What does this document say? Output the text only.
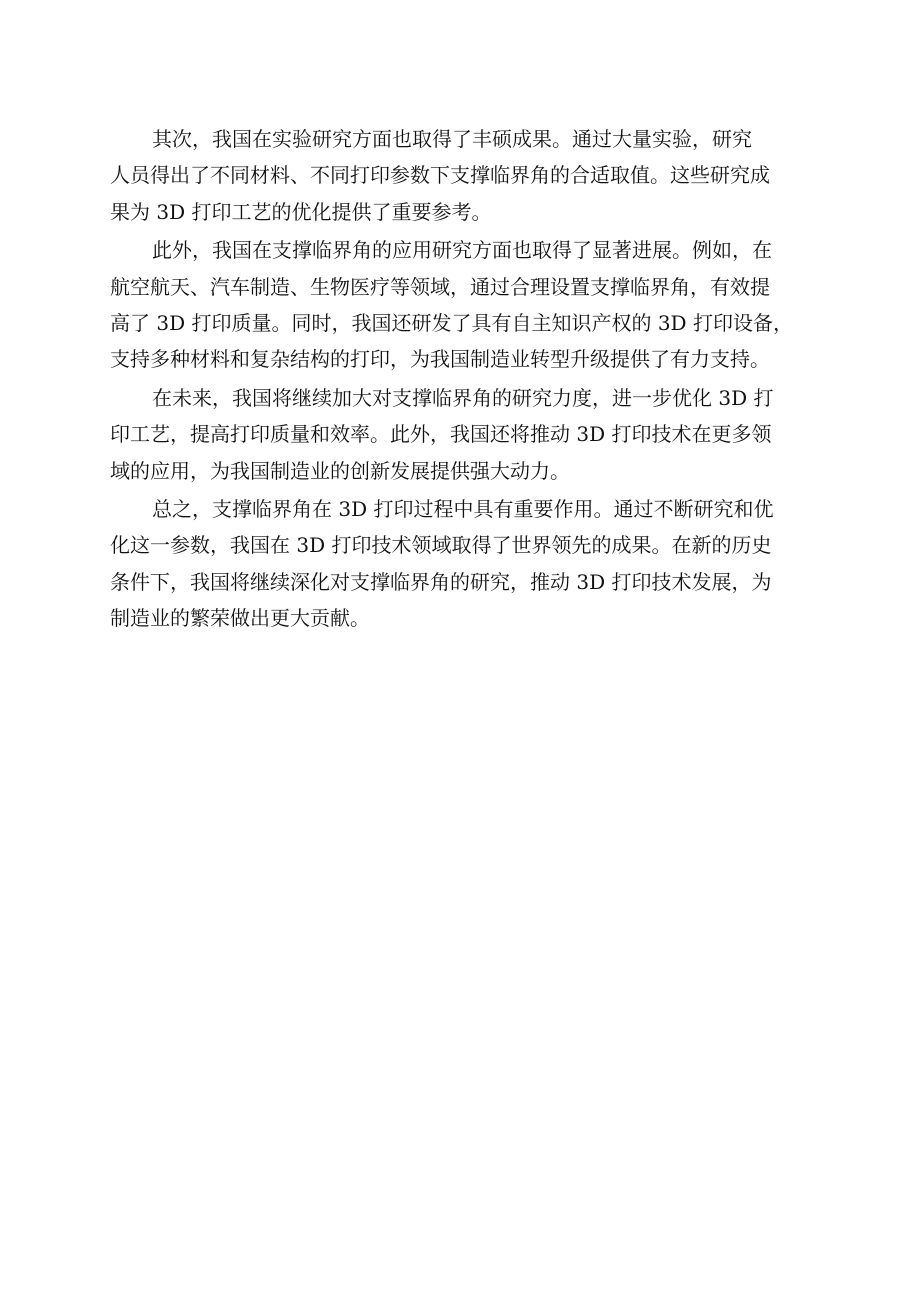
其次，我国在实验研究方面也取得了丰硕成果。通过大量实验，研究
人员得出了不同材料、不同打印参数下支撑临界角的合适取值。这些研究成
果为 3D 打印工艺的优化提供了重要参考。
此外，我国在支撑临界角的应用研究方面也取得了显著进展。例如，在
航空航天、汽车制造、生物医疗等领域，通过合理设置支撑临界角，有效提
高了 3D 打印质量。同时，我国还研发了具有自主知识产权的 3D 打印设备，
支持多种材料和复杂结构的打印，为我国制造业转型升级提供了有力支持。
在未来，我国将继续加大对支撑临界角的研究力度，进一步优化 3D 打
印工艺，提高打印质量和效率。此外，我国还将推动 3D 打印技术在更多领
域的应用，为我国制造业的创新发展提供强大动力。
总之，支撑临界角在 3D 打印过程中具有重要作用。通过不断研究和优
化这一参数，我国在 3D 打印技术领域取得了世界领先的成果。在新的历史
条件下，我国将继续深化对支撑临界角的研究，推动 3D 打印技术发展，为
制造业的繁荣做出更大贡献。
